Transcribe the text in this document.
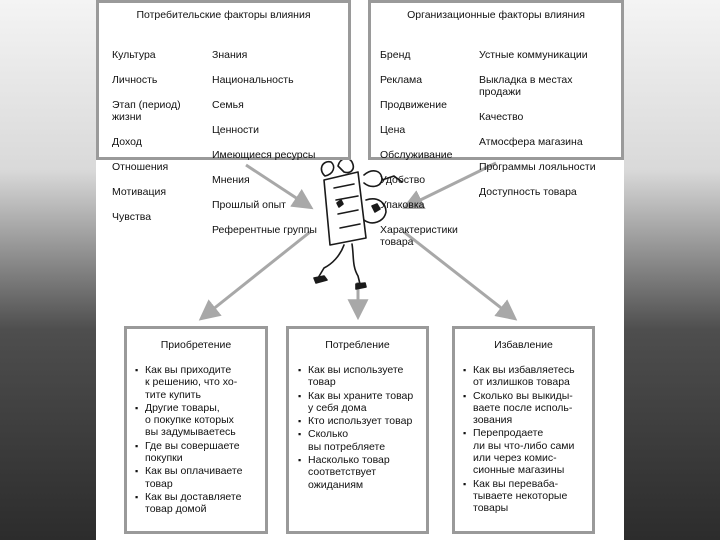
Потребительские факторы влияния

Культура

Личность

Этап (период)
жизни

Доход

Отношения

Мотивация

Чувства

Знания

Национальность

Семья

Ценности

Имеющиеся ресурсы

Мнения

Прошлый опыт

Референтные группы

Организационные факторы влияния

Бренд

Реклама

Продвижение

Цена

Обслуживание

Удобство

Упаковка

Характеристики
товара

Устные коммуникации

Выкладка в местах
продажи

Качество

Атмосфера магазина

Программы лояльности

Доступность товара

Приобретение
▪ Как вы приходите
к решению, что хо-
тите купить
▪ Другие товары,
о покупке которых
вы задумываетесь
▪ Где вы совершаете
покупки
▪ Как вы оплачиваете
товар
▪ Как вы доставляете
товар домой
Потребление
▪ Как вы используете
товар
▪ Как вы храните товар
у себя дома
▪ Кто использует товар
▪ Сколько
вы потребляете
▪ Насколько товар
соответствует
ожиданиям
Избавление
▪ Как вы избавляетесь
от излишков товара
▪ Сколько вы выкиды-
ваете после исполь-
зования
▪ Перепродаете
ли вы что-либо сами
или через комис-
сионные магазины
▪ Как вы переваба-
тываете некоторые
товары
